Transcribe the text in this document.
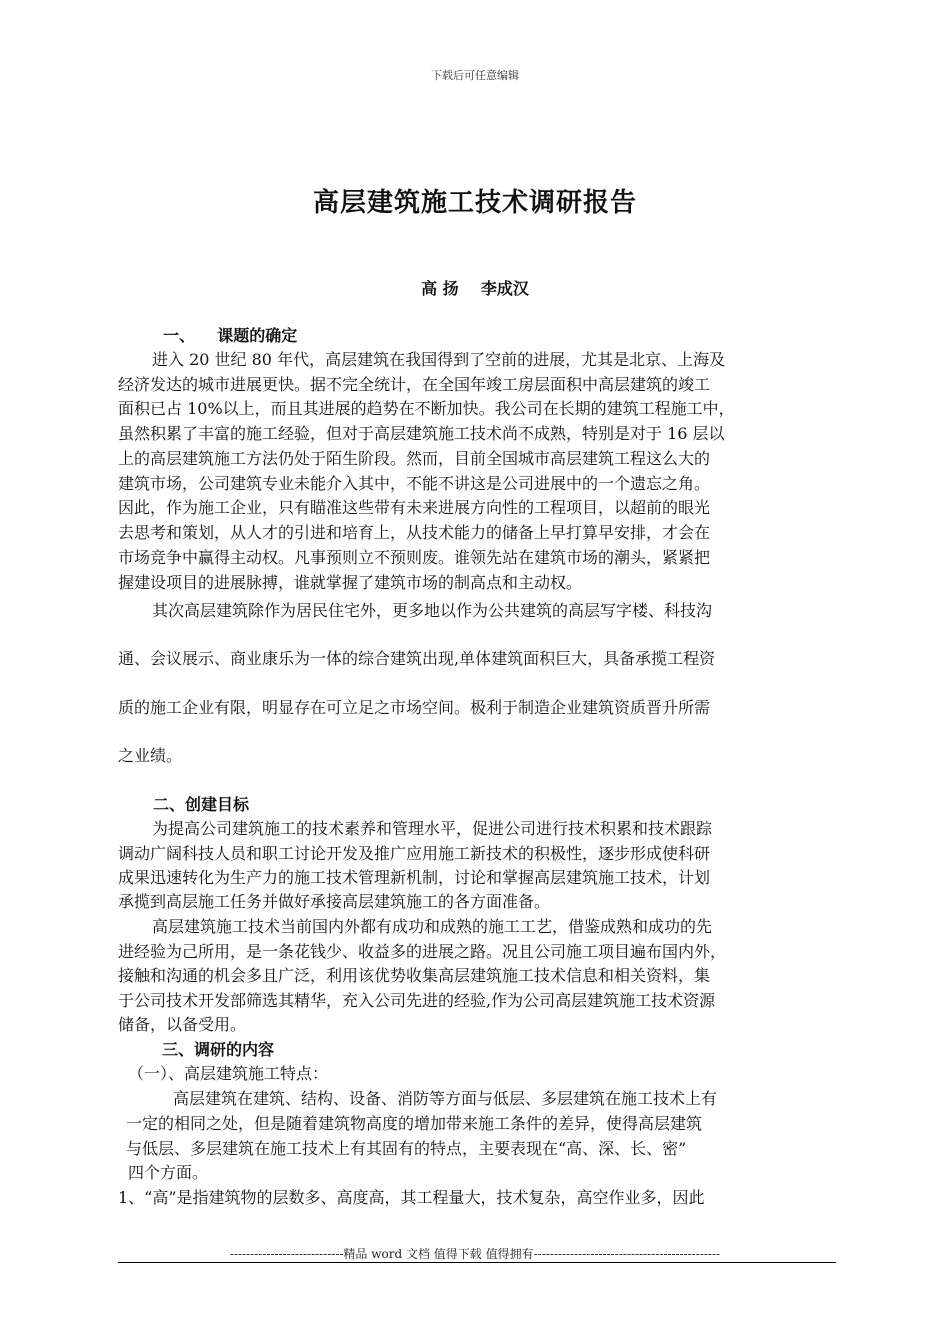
下载后可任意编辑
高层建筑施工技术调研报告
高 扬    李成汉
一、    课题的确定
进入 20 世纪 80 年代，高层建筑在我国得到了空前的进展，尤其是北京、上海及
经济发达的城市进展更快。据不完全统计，在全国年竣工房层面积中高层建筑的竣工
面积已占 10%以上，而且其进展的趋势在不断加快。我公司在长期的建筑工程施工中，
虽然积累了丰富的施工经验，但对于高层建筑施工技术尚不成熟，特别是对于 16 层以
上的高层建筑施工方法仍处于陌生阶段。然而，目前全国城市高层建筑工程这么大的
建筑市场，公司建筑专业未能介入其中，不能不讲这是公司进展中的一个遗忘之角。
因此，作为施工企业，只有瞄准这些带有未来进展方向性的工程项目，以超前的眼光
去思考和策划，从人才的引进和培育上，从技术能力的储备上早打算早安排，才会在
市场竞争中赢得主动权。凡事预则立不预则废。谁领先站在建筑市场的潮头，紧紧把
握建设项目的进展脉搏，谁就掌握了建筑市场的制高点和主动权。
其次高层建筑除作为居民住宅外，更多地以作为公共建筑的高层写字楼、科技沟
通、会议展示、商业康乐为一体的综合建筑出现,单体建筑面积巨大，具备承揽工程资
质的施工企业有限，明显存在可立足之市场空间。极利于制造企业建筑资质晋升所需
之业绩。
二、创建目标
为提高公司建筑施工的技术素养和管理水平，促进公司进行技术积累和技术跟踪
调动广阔科技人员和职工讨论开发及推广应用施工新技术的积极性，逐步形成使科研
成果迅速转化为生产力的施工技术管理新机制，讨论和掌握高层建筑施工技术，计划
承揽到高层施工任务并做好承接高层建筑施工的各方面准备。
高层建筑施工技术当前国内外都有成功和成熟的施工工艺，借鉴成熟和成功的先
进经验为己所用，是一条花钱少、收益多的进展之路。况且公司施工项目遍布国内外，
接触和沟通的机会多且广泛，利用该优势收集高层建筑施工技术信息和相关资料，集
于公司技术开发部筛选其精华，充入公司先进的经验,作为公司高层建筑施工技术资源
储备，以备受用。
三、调研的内容
（一）、高层建筑施工特点：
高层建筑在建筑、结构、设备、消防等方面与低层、多层建筑在施工技术上有
一定的相同之处，但是随着建筑物高度的增加带来施工条件的差异，使得高层建筑
与低层、多层建筑在施工技术上有其固有的特点，主要表现在“高、深、长、密”
四个方面。
1、“高”是指建筑物的层数多、高度高，其工程量大，技术复杂，高空作业多，因此
----------------------------精品 word 文档 值得下载 值得拥有----------------------------------------------
